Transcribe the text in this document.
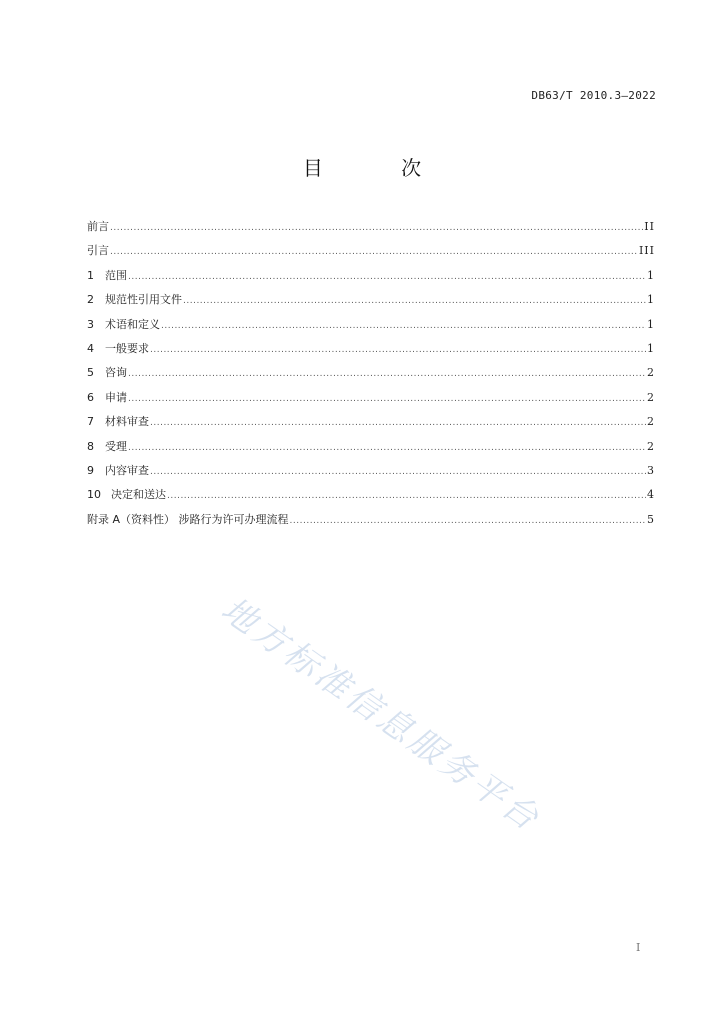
DB63/T 2010.3—2022
目 次
前言 .....	II
引言 .....	III
1	范围 .....	1
2	规范性引用文件 .....	1
3	术语和定义 .....	1
4	一般要求 .....	1
5	咨询 .....	2
6	申请 .....	2
7	材料审查 .....	2
8	受理 .....	2
9	内容审查 .....	3
10 决定和送达 .....	4
附录 A（资料性） 涉路行为许可办理流程 .....	5
地方标准信息服务平台
I
